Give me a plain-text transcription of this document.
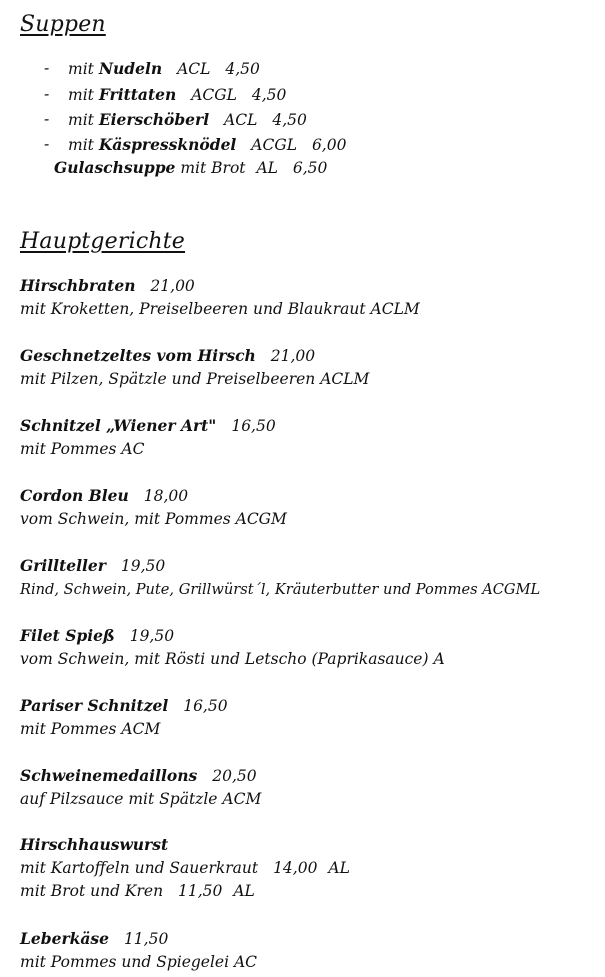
Suppen
- mit Nudeln ACL 4,50
- mit Frittaten ACGL 4,50
- mit Eierschöberl ACL 4,50
- mit Käspressknödel ACGL 6,00
Gulaschsuppe mit Brot AL 6,50
Hauptgerichte
Hirschbraten 21,00
mit Kroketten, Preiselbeeren und Blaukraut ACLM
Geschnetzeltes vom Hirsch 21,00
mit Pilzen, Spätzle und Preiselbeeren ACLM
Schnitzel „Wiener Art" 16,50
mit Pommes AC
Cordon Bleu 18,00
vom Schwein, mit Pommes ACGM
Grillteller 19,50
Rind, Schwein, Pute, Grillwürst´l, Kräuterbutter und Pommes ACGML
Filet Spieß 19,50
vom Schwein, mit Rösti und Letscho (Paprikasauce) A
Pariser Schnitzel 16,50
mit Pommes ACM
Schweinemedaillons 20,50
auf Pilzsauce mit Spätzle ACM
Hirschhauswurst
mit Kartoffeln und Sauerkraut 14,00 AL
mit Brot und Kren 11,50 AL
Leberkäse 11,50
mit Pommes und Spiegelei AC
